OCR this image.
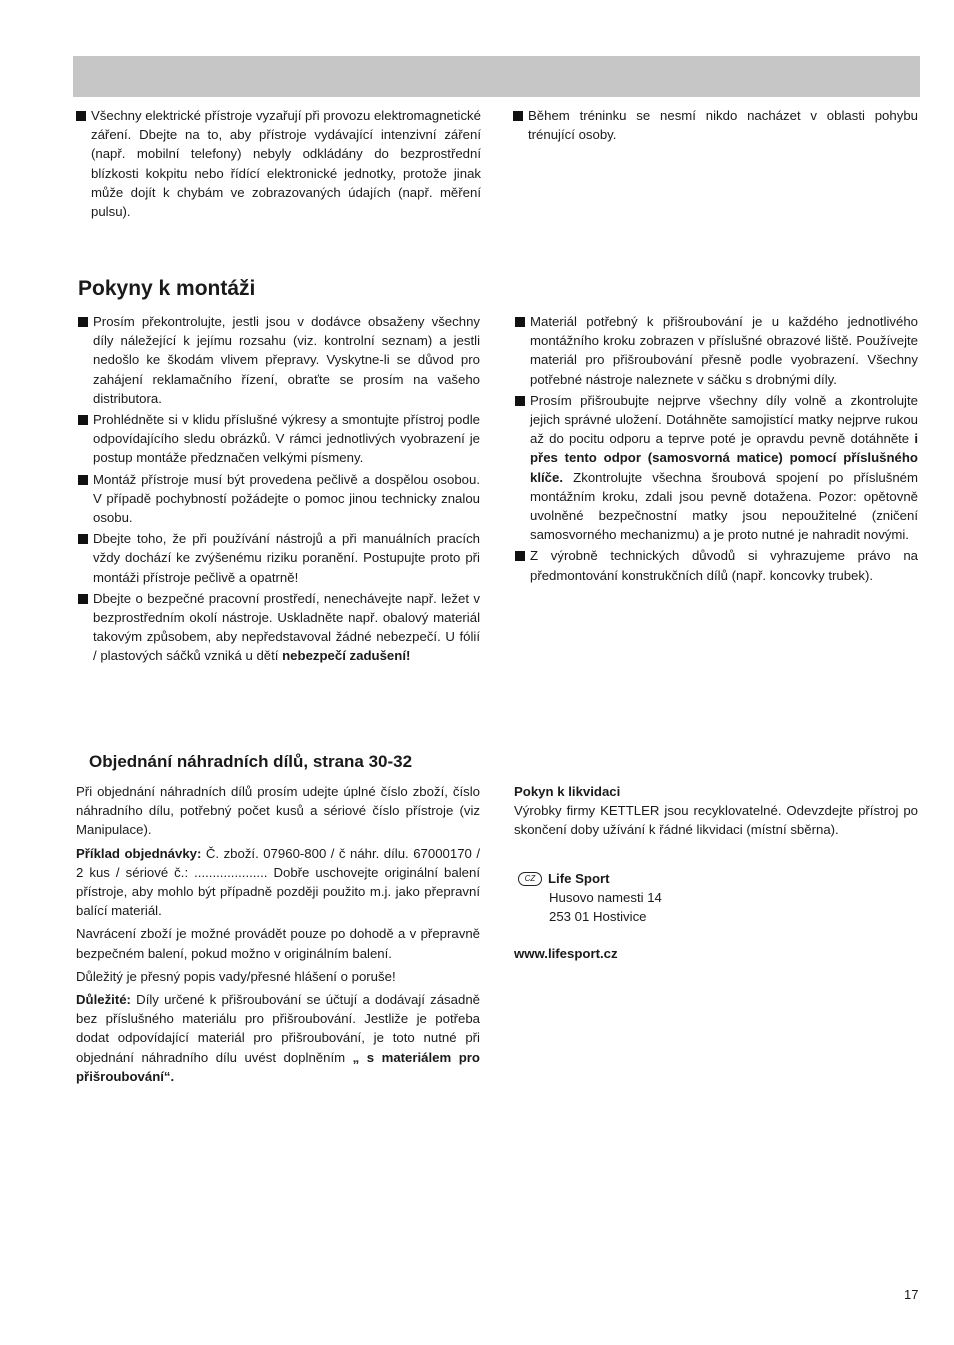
Všechny elektrické přístroje vyzařují při provozu elektromagnetické záření. Dbejte na to, aby přístroje vydávající intenzivní záření (např. mobilní telefony) nebyly odkládány do bezprostřední blízkosti kokpitu nebo řídící elektronické jednotky, protože jinak může dojít k chybám ve zobrazovaných údajích (např. měření pulsu).

Během tréninku se nesmí nikdo nacházet v oblasti pohybu trénující osoby.

Pokyny k montáži

Prosím překontrolujte, jestli jsou v dodávce obsaženy všechny díly náležející k jejímu rozsahu (viz. kontrolní seznam) a jestli nedošlo ke škodám vlivem přepravy. Vyskytne-li se důvod pro zahájení reklamačního řízení, obraťte se prosím na vašeho distributora.

Prohlédněte si v klidu příslušné výkresy a smontujte přístroj podle odpovídajícího sledu obrázků. V rámci jednotlivých vyobrazení je postup montáže předznačen velkými písmeny.

Montáž přístroje musí být provedena pečlivě a dospělou osobou. V případě pochybností požádejte o pomoc jinou technicky znalou osobu.

Dbejte toho, že při používání nástrojů a při manuálních pracích vždy dochází ke zvýšenému riziku poranění. Postupujte proto při montáži přístroje pečlivě a opatrně!

Dbejte o bezpečné pracovní prostředí, nenechávejte např. ležet v bezprostředním okolí nástroje. Uskladněte např. obalový materiál takovým způsobem, aby nepředstavoval žádné nebezpečí. U fólií / plastových sáčků vzniká u dětí nebezpečí zadušení!

Materiál potřebný k přišroubování je u každého jednotlivého montážního kroku zobrazen v příslušné obrazové liště. Používejte materiál pro přišroubování přesně podle vyobrazení. Všechny potřebné nástroje naleznete v sáčku s drobnými díly.

Prosím přišroubujte nejprve všechny díly volně a zkontrolujte jejich správné uložení. Dotáhněte samojistící matky nejprve rukou až do pocitu odporu a teprve poté je opravdu pevně dotáhněte i přes tento odpor (samosvorná matice) pomocí příslušného klíče. Zkontrolujte všechna šroubová spojení po příslušném montážním kroku, zdali jsou pevně dotažena. Pozor: opětovně uvolněné bezpečnostní matky jsou nepoužitelné (zničení samosvorného mechanizmu) a je proto nutné je nahradit novými.

Z výrobně technických důvodů si vyhrazujeme právo na předmontování konstrukčních dílů (např. koncovky trubek).

Objednání náhradních dílů, strana 30-32

Při objednání náhradních dílů prosím udejte úplné číslo zboží, číslo náhradního dílu, potřebný počet kusů a sériové číslo přístroje (viz Manipulace).

Příklad objednávky: Č. zboží. 07960-800 / č náhr. dílu. 67000170 / 2 kus / sériové č.: .................... Dobře uschovejte originální balení přístroje, aby mohlo být případně později použito m.j. jako přepravní balící materiál.

Navrácení zboží je možné provádět pouze po dohodě a v přepravně bezpečném balení, pokud možno v originálním balení.

Důležitý je přesný popis vady/přesné hlášení o poruše!

Důležité: Díly určené k přišroubování se účtují a dodávají zásadně bez příslušného materiálu pro přišroubování. Jestliže je potřeba dodat odpovídající materiál pro přišroubování, je toto nutné při objednání náhradního dílu uvést doplněním „ s materiálem pro přišroubování“.

Pokyn k likvidaci

Výrobky firmy KETTLER jsou recyklovatelné. Odevzdejte přístroj po skončení doby užívání k řádné likvidaci (místní sběrna).

CZ Life Sport
Husovo namesti 14
253 01 Hostivice

www.lifesport.cz

17
